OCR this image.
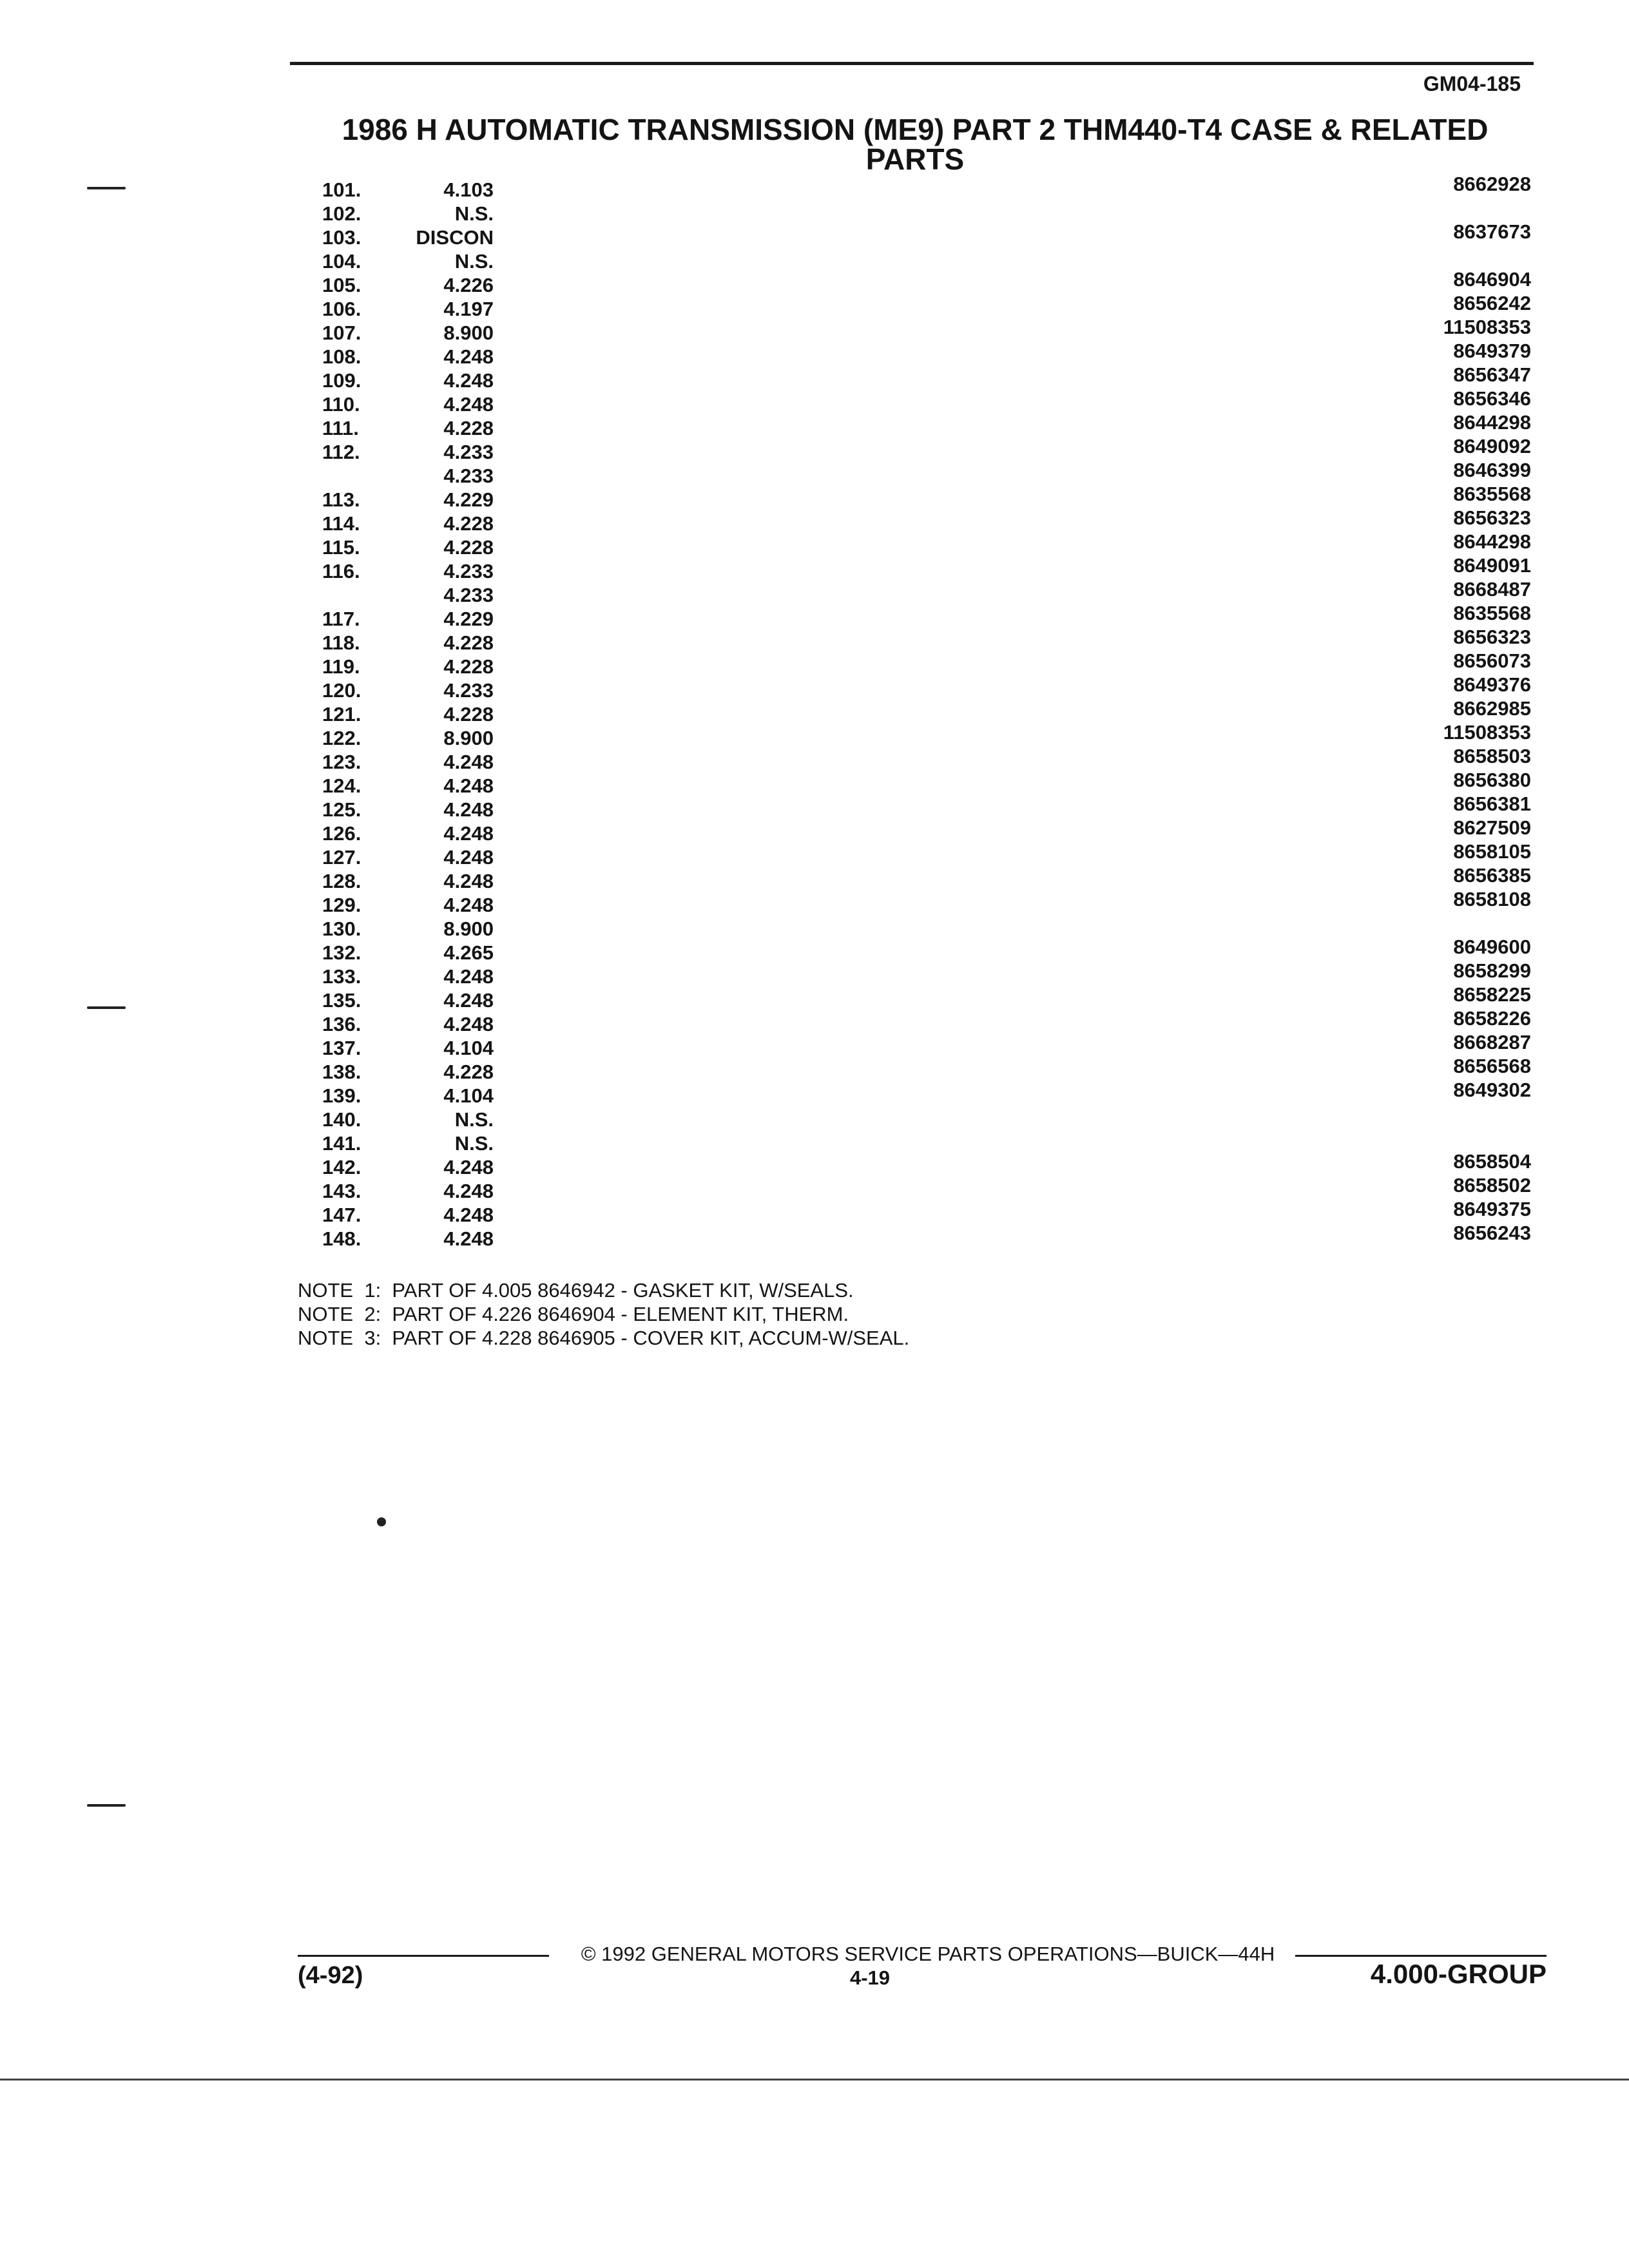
GM04-185
1986 H AUTOMATIC TRANSMISSION (ME9) PART 2 THM440-T4 CASE & RELATED
PARTS
101.	4.103	8662928
102.	N.S.
103.	DISCON	8637673
104.	N.S.
105.	4.226	8646904
106.	4.197	8656242
107.	8.900	11508353
108.	4.248	8649379
109.	4.248	8656347
110.	4.248	8656346
111.	4.228	8644298
112.	4.233	8649092
4.233	8646399
113.	4.229	8635568
114.	4.228	8656323
115.	4.228	8644298
116.	4.233	8649091
4.233	8668487
117.	4.229	8635568
118.	4.228	8656323
119.	4.228	8656073
120.	4.233	8649376
121.	4.228	8662985
122.	8.900	11508353
123.	4.248	8658503
124.	4.248	8656380
125.	4.248	8656381
126.	4.248	8627509
127.	4.248	8658105
128.	4.248	8656385
129.	4.248	8658108
130.	8.900
132.	4.265	8649600
133.	4.248	8658299
135.	4.248	8658225
136.	4.248	8658226
137.	4.104	8668287
138.	4.228	8656568
139.	4.104	8649302
140.	N.S.
141.	N.S.
142.	4.248	8658504
143.	4.248	8658502
147.	4.248	8649375
148.	4.248	8656243
NOTE  1:  PART OF 4.005 8646942 - GASKET KIT, W/SEALS.
NOTE  2:  PART OF 4.226 8646904 - ELEMENT KIT, THERM.
NOTE  3:  PART OF 4.228 8646905 - COVER KIT, ACCUM-W/SEAL.
© 1992 GENERAL MOTORS SERVICE PARTS OPERATIONS—BUICK—44H
(4-92)	4-19	4.000-GROUP
